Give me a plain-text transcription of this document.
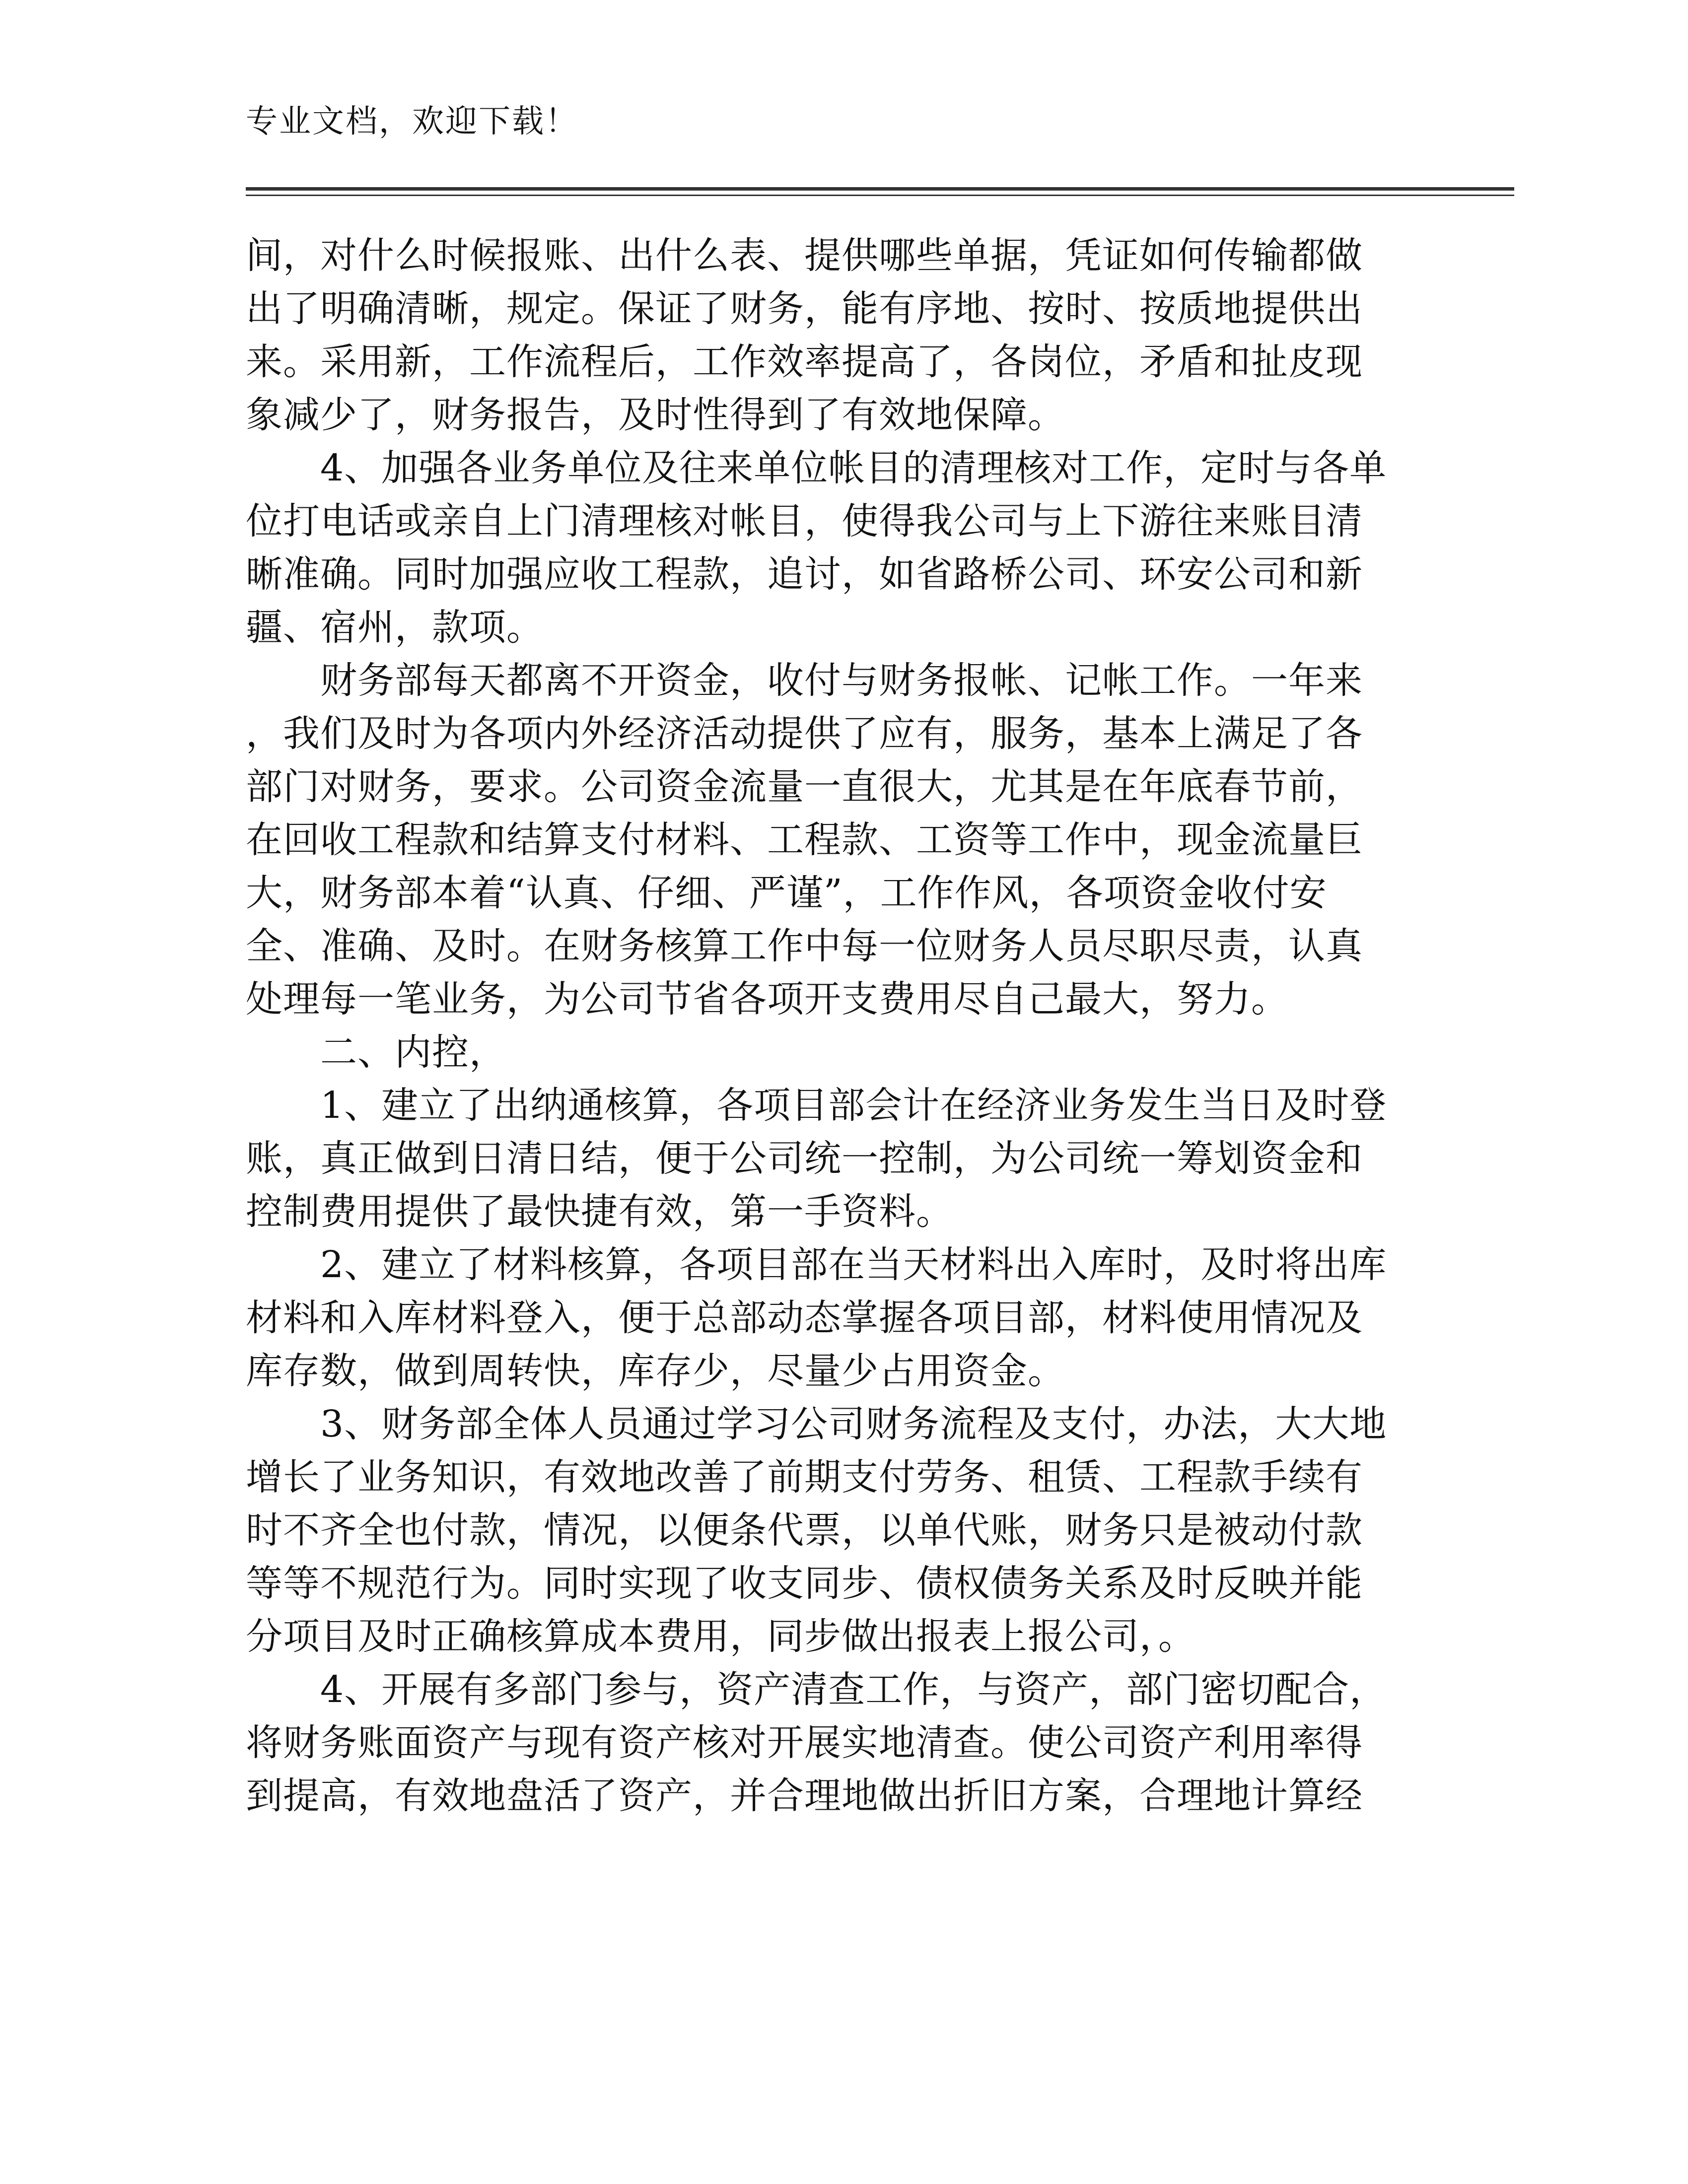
专业文档，欢迎下载！
间，对什么时候报账、出什么表、提供哪些单据，凭证如何传输都做
出了明确清晰，规定。保证了财务，能有序地、按时、按质地提供出
来。采用新，工作流程后，工作效率提高了，各岗位，矛盾和扯皮现
象减少了，财务报告，及时性得到了有效地保障。
　　4、加强各业务单位及往来单位帐目的清理核对工作，定时与各单
位打电话或亲自上门清理核对帐目，使得我公司与上下游往来账目清
晰准确。同时加强应收工程款，追讨，如省路桥公司、环安公司和新
疆、宿州，款项。
　　财务部每天都离不开资金，收付与财务报帐、记帐工作。一年来
，我们及时为各项内外经济活动提供了应有，服务，基本上满足了各
部门对财务，要求。公司资金流量一直很大，尤其是在年底春节前，
在回收工程款和结算支付材料、工程款、工资等工作中，现金流量巨
大，财务部本着“认真、仔细、严谨”，工作作风，各项资金收付安
全、准确、及时。在财务核算工作中每一位财务人员尽职尽责，认真
处理每一笔业务，为公司节省各项开支费用尽自己最大，努力。
　　二、内控，
　　1、建立了出纳通核算，各项目部会计在经济业务发生当日及时登
账，真正做到日清日结，便于公司统一控制，为公司统一筹划资金和
控制费用提供了最快捷有效，第一手资料。
　　2、建立了材料核算，各项目部在当天材料出入库时，及时将出库
材料和入库材料登入，便于总部动态掌握各项目部，材料使用情况及
库存数，做到周转快，库存少，尽量少占用资金。
　　3、财务部全体人员通过学习公司财务流程及支付，办法，大大地
增长了业务知识，有效地改善了前期支付劳务、租赁、工程款手续有
时不齐全也付款，情况，以便条代票，以单代账，财务只是被动付款
等等不规范行为。同时实现了收支同步、债权债务关系及时反映并能
分项目及时正确核算成本费用，同步做出报表上报公司，。
　　4、开展有多部门参与，资产清查工作，与资产，部门密切配合，
将财务账面资产与现有资产核对开展实地清查。使公司资产利用率得
到提高，有效地盘活了资产，并合理地做出折旧方案，合理地计算经
